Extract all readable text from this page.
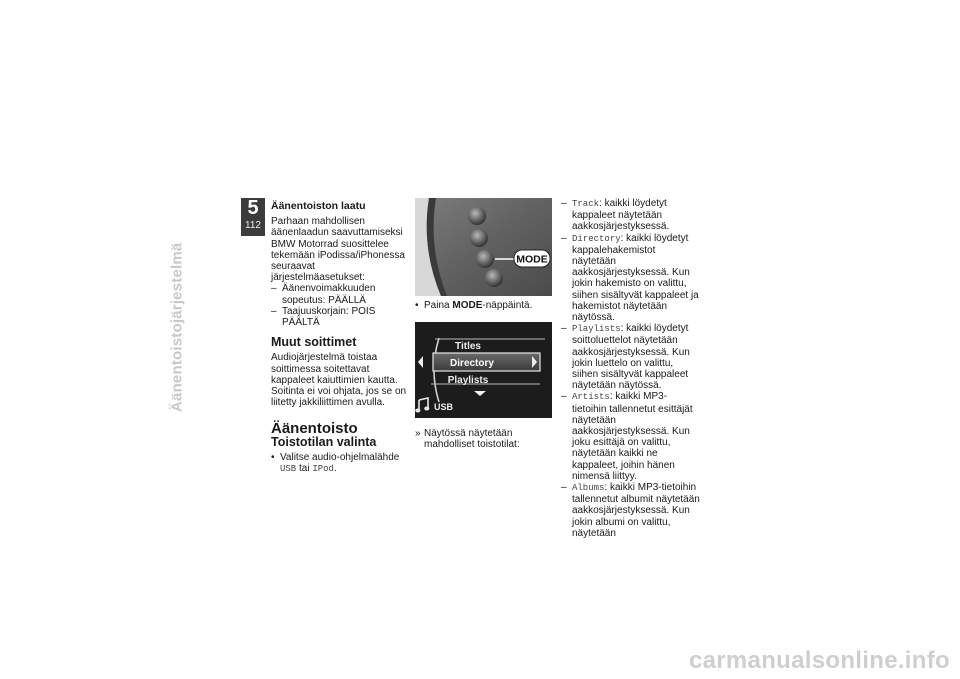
5
112
Äänentoistojärjestelmä

Äänentoiston laatu

Parhaan mahdollisen äänenlaadun saavuttamiseksi BMW Motorrad suosittelee tekemään iPodissa/iPhonessa seuraavat järjestelmäasetukset:

– Äänenvoimakkuuden sopeutus: PÄÄLLÄ

– Taajuuskorjain: POIS PÄÄLTÄ

Muut soittimet

Audiojärjestelmä toistaa soittimessa soitettavat kappaleet kaiuttimien kautta. Soitinta ei voi ohjata, jos se on liitetty jakkiliittimen avulla.

Äänentoisto

Toistotilan valinta

• Valitse audio-ohjelmalähde USB tai IPod.

MODE

• Paina MODE-näppäintä.

Titles
Directory
Playlists
USB

» Näytössä näytetään mahdolliset toistotilat:

– Track: kaikki löydetyt kappaleet näytetään aakkosjärjestyksessä.

– Directory: kaikki löydetyt kappalehakemistot näytetään aakkosjärjestyksessä. Kun jokin hakemisto on valittu, siihen sisältyvät kappaleet ja hakemistot näytetään näytössä.

– Playlists: kaikki löydetyt soittoluettelot näytetään aakkosjärjestyksessä. Kun jokin luettelo on valittu, siihen sisältyvät kappaleet näytetään näytössä.

– Artists: kaikki MP3-tietoihin tallennetut esittäjät näytetään aakkosjärjestyksessä. Kun joku esittäjä on valittu, näytetään kaikki ne kappaleet, joihin hänen nimensä liittyy.

– Albums: kaikki MP3-tietoihin tallennetut albumit näytetään aakkosjärjestyksessä. Kun jokin albumi on valittu, näytetään

carmanualsonline.info
